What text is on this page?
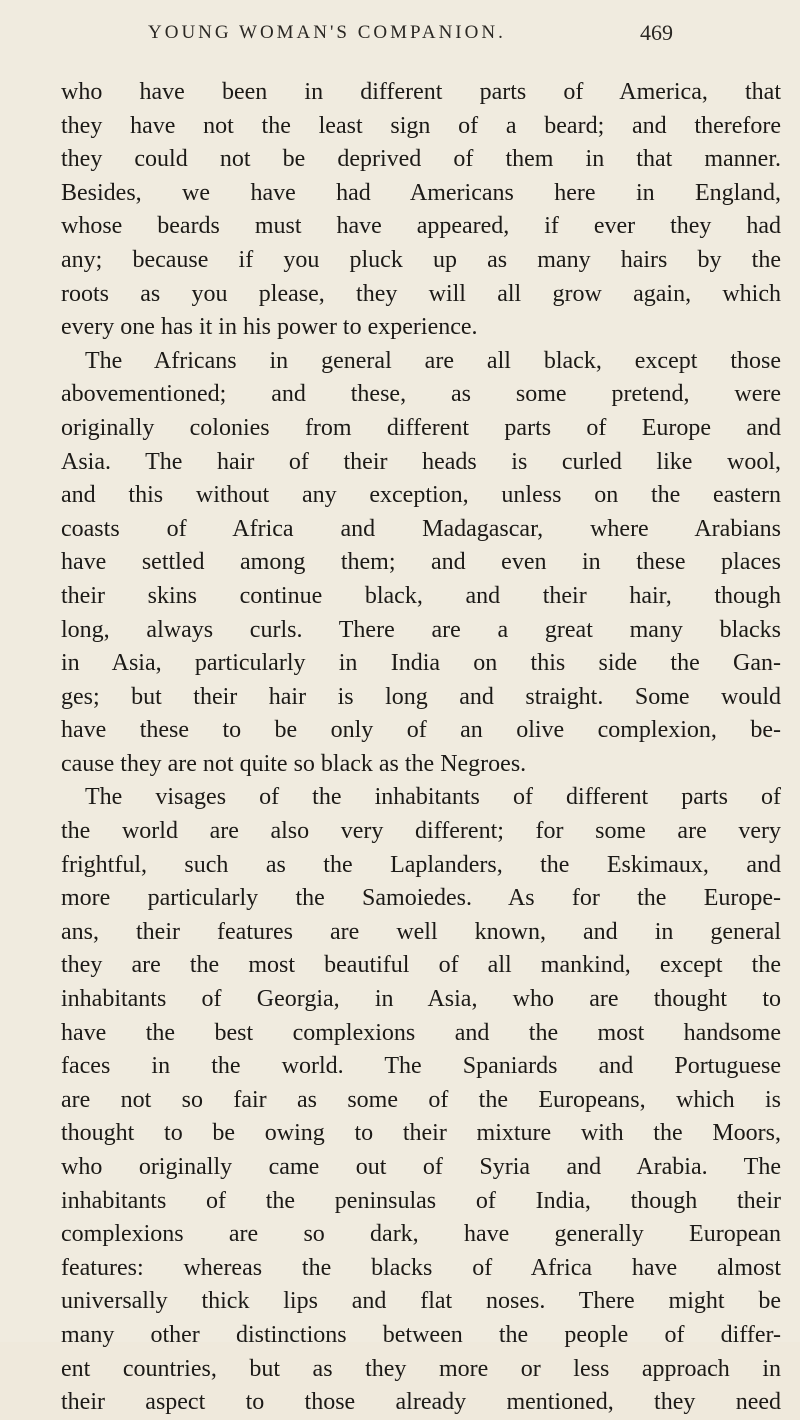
YOUNG WOMAN'S COMPANION.	469
who have been in different parts of America, that
they have not the least sign of a beard; and therefore
they could not be deprived of them in that manner.
Besides, we have had Americans here in England,
whose beards must have appeared, if ever they had
any; because if you pluck up as many hairs by the
roots as you please, they will all grow again, which
every one has it in his power to experience.
The Africans in general are all black, except those
abovementioned; and these, as some pretend, were
originally colonies from different parts of Europe and
Asia. The hair of their heads is curled like wool,
and this without any exception, unless on the eastern
coasts of Africa and Madagascar, where Arabians
have settled among them; and even in these places
their skins continue black, and their hair, though
long, always curls. There are a great many blacks
in Asia, particularly in India on this side the Gan-
ges; but their hair is long and straight. Some would
have these to be only of an olive complexion, be-
cause they are not quite so black as the Negroes.
The visages of the inhabitants of different parts of
the world are also very different; for some are very
frightful, such as the Laplanders, the Eskimaux, and
more particularly the Samoiedes. As for the Europe-
ans, their features are well known, and in general
they are the most beautiful of all mankind, except the
inhabitants of Georgia, in Asia, who are thought to
have the best complexions and the most handsome
faces in the world. The Spaniards and Portuguese
are not so fair as some of the Europeans, which is
thought to be owing to their mixture with the Moors,
who originally came out of Syria and Arabia. The
inhabitants of the peninsulas of India, though their
complexions are so dark, have generally European
features: whereas the blacks of Africa have almost
universally thick lips and flat noses. There might be
many other distinctions between the people of differ-
ent countries, but as they more or less approach in
their aspect to those already mentioned, they need
